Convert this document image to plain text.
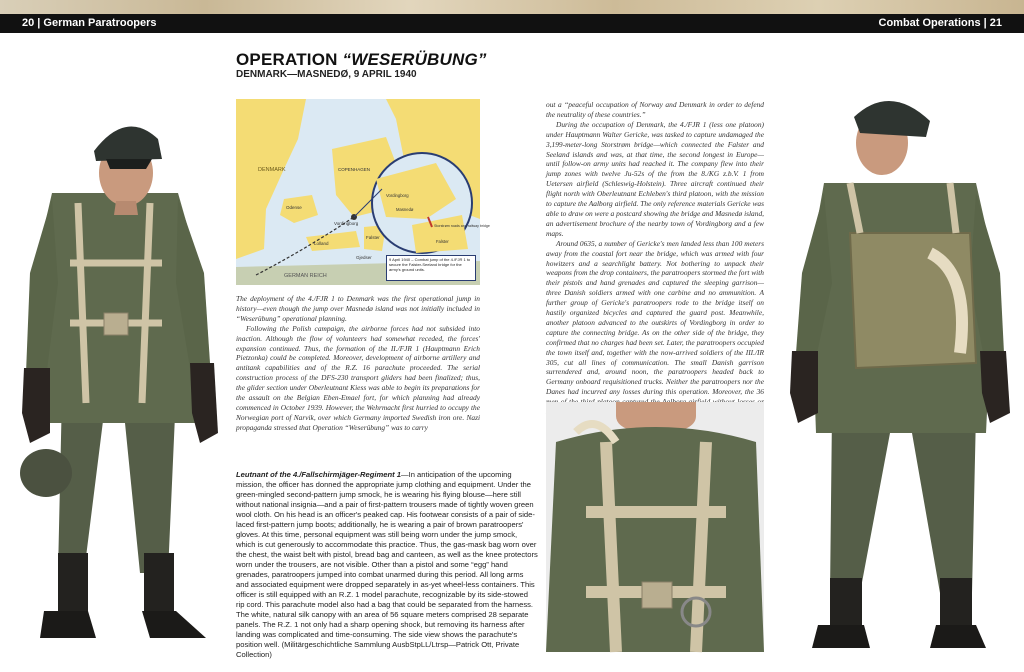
20 | German Paratroopers	Combat Operations | 21
OPERATION “WESERÜBUNG”
DENMARK—MASNEDØ, 9 APRIL 1940
DENMARK	COPENHAGEN
Odense
Vordingborg
Gjedser
Lolland
Falster
GERMAN REICH
Masnedø
Storstrøm roads and railway bridge
Falster
Vordingborg
9 April 1940 – Combat jump of the 4./FJR 1 to secure the Falster-Seeland bridge for the army's ground units.

The deployment of the 4./FJR 1 to Denmark was the first operational jump in history—even though the jump over Masnedø island was not initially included in “Weserübung” operational planning.

Following the Polish campaign, the airborne forces had not subsided into inaction. Although the flow of volunteers had somewhat receded, the forces' expansion continued. Thus, the formation of the II./FJR 1 (Hauptmann Erich Pietzonka) could be completed. Moreover, development of airborne artillery and antitank capabilities and of the R.Z. 16 parachute proceeded. The serial construction process of the DFS-230 transport gliders had been finalized; thus, the glider section under Oberleutnant Kiess was able to begin its preparations for the assault on the Belgian Eben-Emael fort, for which planning had already commenced in October 1939. However, the Wehrmacht first hurried to occupy the Norwegian port of Narvik, over which Germany imported Swedish iron ore. Nazi propaganda stressed that Operation “Weserübung” was to carry

out a “peaceful occupation of Norway and Denmark in order to defend the neutrality of these countries.”

During the occupation of Denmark, the 4./FJR 1 (less one platoon) under Hauptmann Walter Gericke, was tasked to capture undamaged the 3,199-meter-long Storstrøm bridge—which connected the Falster and Seeland islands and was, at that time, the second longest in Europe—until follow-on army units had reached it. The company flew into their jump zones with twelve Ju-52s of the from the 8./KG z.b.V. 1 from Uetersen airfield (Schleswig-Holstein). Three aircraft continued their flight north with Oberleutnant Echleben's third platoon, with the mission to capture the Aalborg airfield. The only reference materials Gericke was able to draw on were a postcard showing the bridge and Masnedø island, an advertisement brochure of the nearby town of Vordingborg and a few maps.

Around 0635, a number of Gericke's men landed less than 100 meters away from the coastal fort near the bridge, which was armed with four howitzers and a searchlight battery. Not bothering to unpack their weapons from the drop containers, the paratroopers stormed the fort with their pistols and hand grenades and captured the sleeping garrison—three Danish soldiers armed with one carbine and no ammunition. A further group of Gericke's paratroopers rode to the bridge itself on hastily organized bicycles and captured the guard post. Meanwhile, another platoon advanced to the outskirts of Vordingborg in order to capture the connecting bridge. As on the other side of the bridge, they confirmed that no charges had been set. Later, the paratroopers occupied the town itself and, together with the now-arrived soldiers of the III./IR 305, cut all lines of communication. The small Danish garrison surrendered and, around noon, the paratroopers headed back to Germany onboard requisitioned trucks. Neither the paratroopers nor the Danes had incurred any losses during this operation. Moreover, the 36

Leutnant of the 4./Fallschirmjäger-Regiment 1—In anticipation of the upcoming mission, the officer has donned the appropriate jump clothing and equipment. Under the green-mingled second-pattern jump smock, he is wearing his flying blouse—here still without national insignia—and a pair of first-pattern trousers made of tightly woven green wool cloth. On his head is an officer's peaked cap. His footwear consists of a pair of side-laced first-pattern jump boots; additionally, he is wearing a pair of brown paratroopers' gloves. At this time, personal equipment was still being worn under the jump smock, which is cut generously to accommodate this practice. Thus, the gas-mask bag worn over the chest, the waist belt with pistol, bread bag and canteen, as well as the knee protectors worn under the trousers, are not visible. Other than a pistol and some “egg” hand grenades, paratroopers jumped into combat unarmed during this period. All long arms and associated equipment were dropped separately in as-yet wheel-less containers. This officer is still equipped with an R.Z. 1 model parachute, recognizable by its side-stowed rip cord. This parachute model also had a bag that could be separated from the harness. The white, natural silk canopy with an area of 56 square meters comprised 28 separate panels. The R.Z. 1 not only had a sharp opening shock, but removing its harness after landing was complicated and time-consuming. The side view shows the parachute's position well. (Militärgeschichtliche Sammlung AusbStpLL/Ltrsp—Patrick Ott, Private Collection)
